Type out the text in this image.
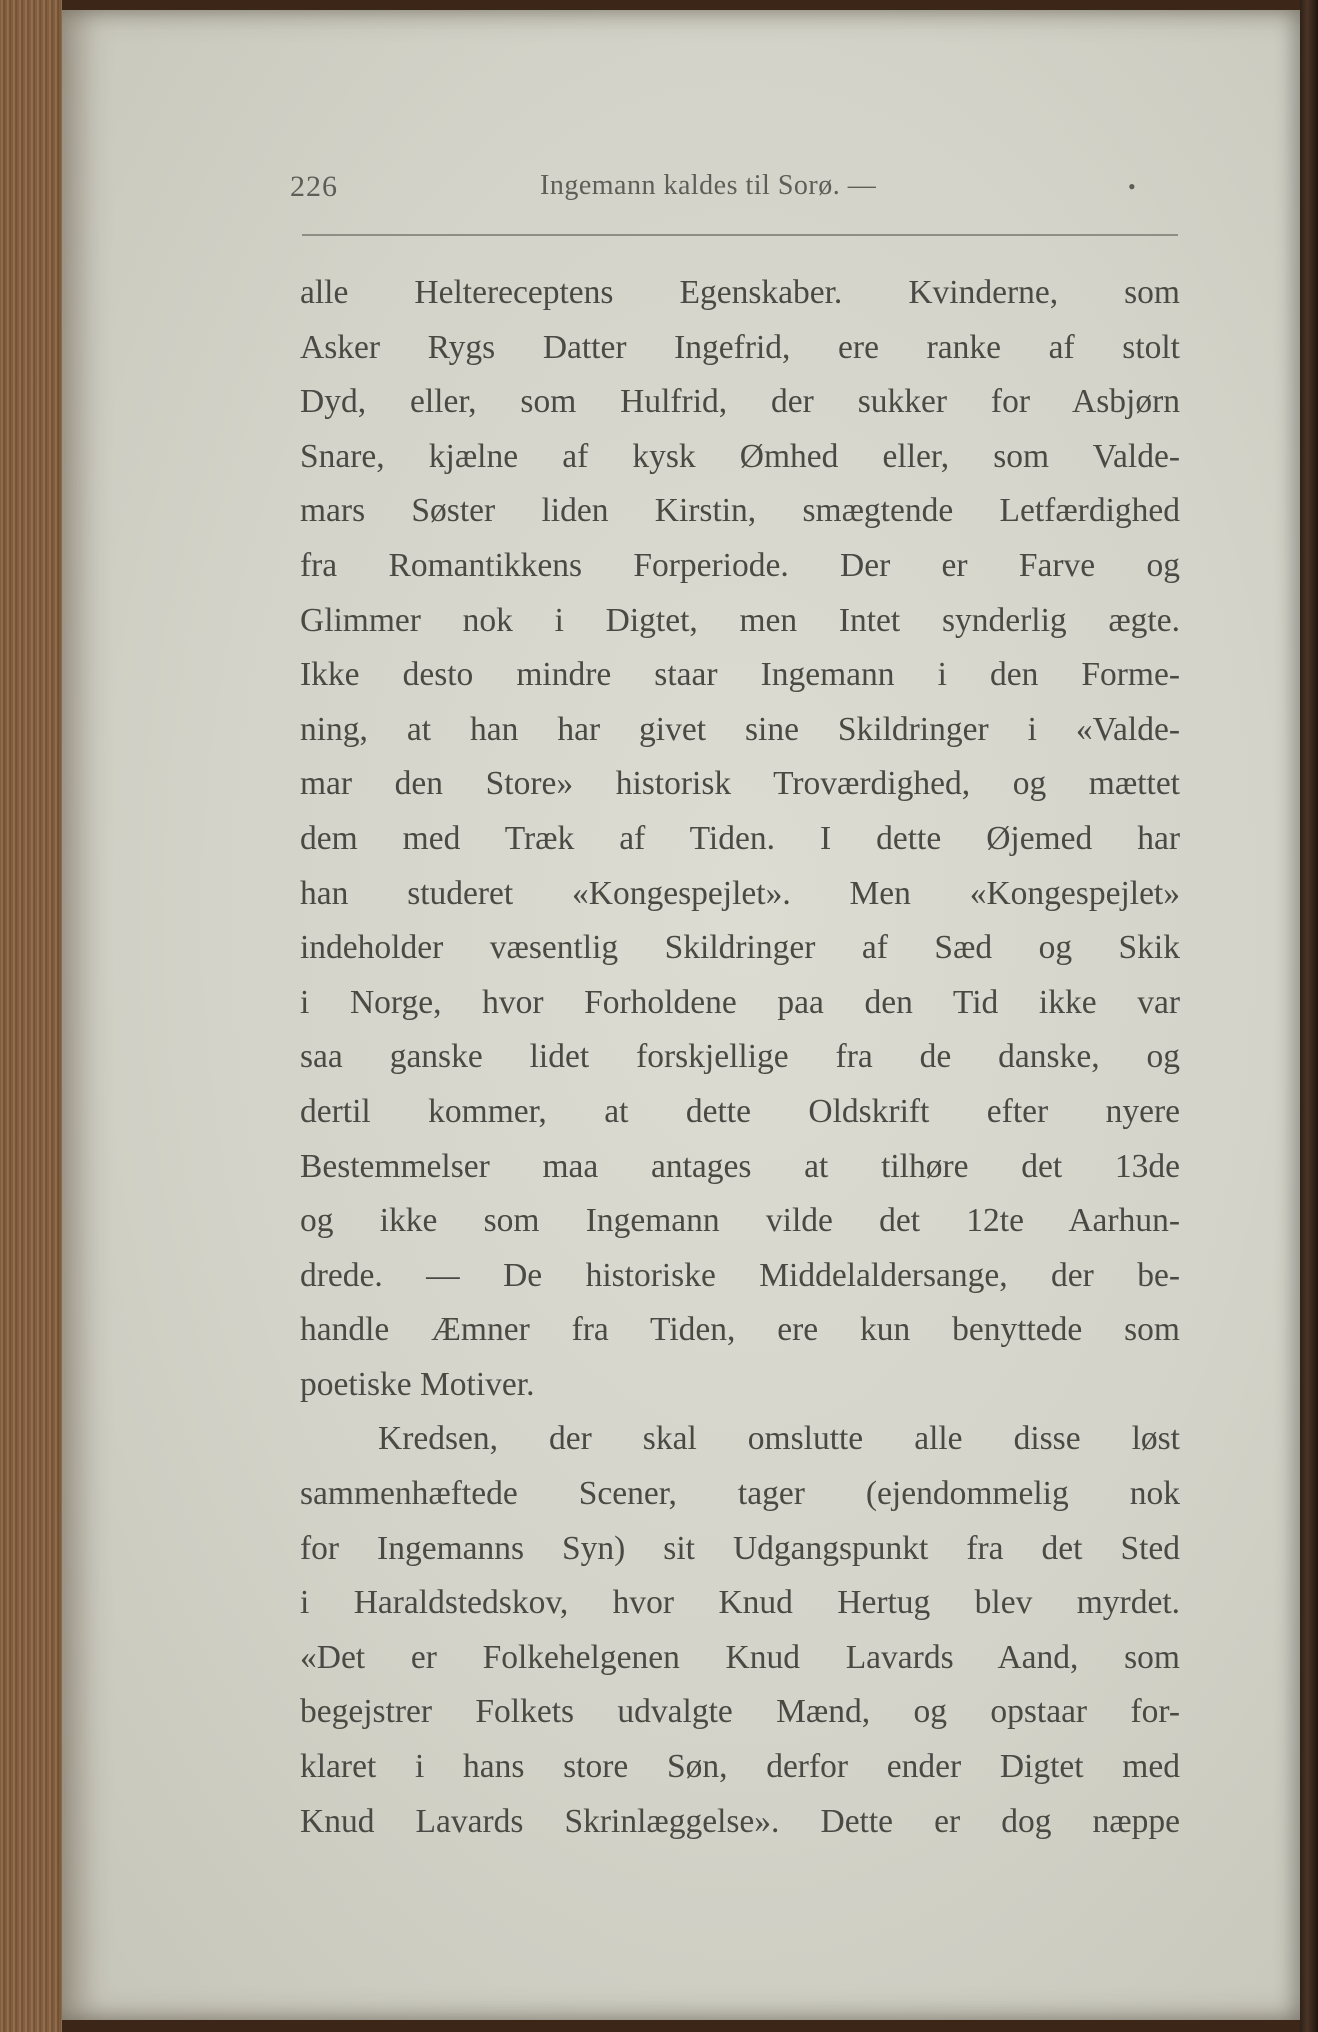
226	Ingemann kaldes til Sorø. —	•
alle Heltereceptens Egenskaber. Kvinderne, som
Asker Rygs Datter Ingefrid, ere ranke af stolt
Dyd, eller, som Hulfrid, der sukker for Asbjørn
Snare, kjælne af kysk Ømhed eller, som Valde-
mars Søster liden Kirstin, smægtende Letfærdighed
fra Romantikkens Forperiode. Der er Farve og
Glimmer nok i Digtet, men Intet synderlig ægte.
Ikke desto mindre staar Ingemann i den Forme-
ning, at han har givet sine Skildringer i «Valde-
mar den Store» historisk Troværdighed, og mættet
dem med Træk af Tiden. I dette Øjemed har
han studeret «Kongespejlet». Men «Kongespejlet»
indeholder væsentlig Skildringer af Sæd og Skik
i Norge, hvor Forholdene paa den Tid ikke var
saa ganske lidet forskjellige fra de danske, og
dertil kommer, at dette Oldskrift efter nyere
Bestemmelser maa antages at tilhøre det 13de
og ikke som Ingemann vilde det 12te Aarhun-
drede. — De historiske Middelaldersange, der be-
handle Æmner fra Tiden, ere kun benyttede som
poetiske Motiver.
Kredsen, der skal omslutte alle disse løst
sammenhæftede Scener, tager (ejendommelig nok
for Ingemanns Syn) sit Udgangspunkt fra det Sted
i Haraldstedskov, hvor Knud Hertug blev myrdet.
«Det er Folkehelgenen Knud Lavards Aand, som
begejstrer Folkets udvalgte Mænd, og opstaar for-
klaret i hans store Søn, derfor ender Digtet med
Knud Lavards Skrinlæggelse». Dette er dog næppe
